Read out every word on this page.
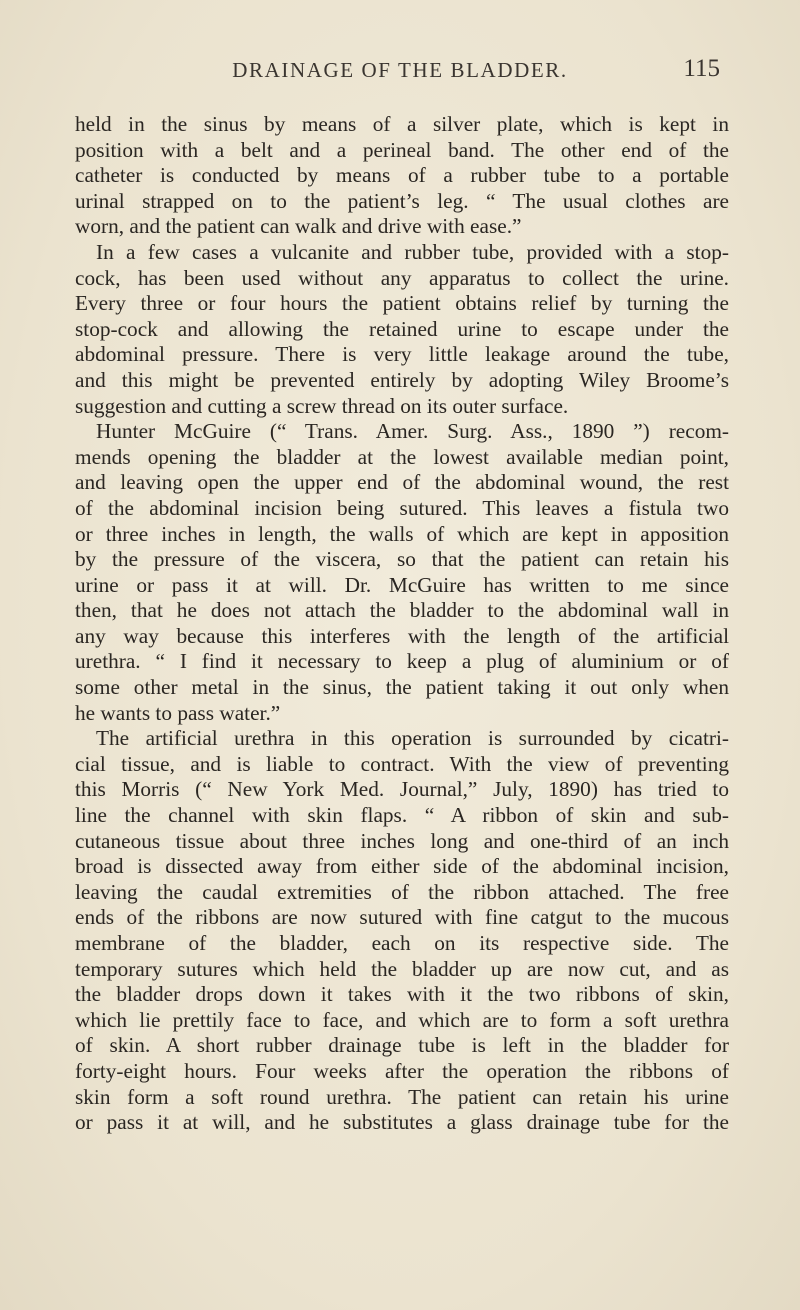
DRAINAGE OF THE BLADDER.	115
held in the sinus by means of a silver plate, which is kept in
position with a belt and a perineal band. The other end of the
catheter is conducted by means of a rubber tube to a portable
urinal strapped on to the patient’s leg. “ The usual clothes are
worn, and the patient can walk and drive with ease.”
In a few cases a vulcanite and rubber tube, provided with a stop-
cock, has been used without any apparatus to collect the urine.
Every three or four hours the patient obtains relief by turning the
stop-cock and allowing the retained urine to escape under the
abdominal pressure. There is very little leakage around the tube,
and this might be prevented entirely by adopting Wiley Broome’s
suggestion and cutting a screw thread on its outer surface.
Hunter McGuire (“ Trans. Amer. Surg. Ass., 1890 ”) recom-
mends opening the bladder at the lowest available median point,
and leaving open the upper end of the abdominal wound, the rest
of the abdominal incision being sutured. This leaves a fistula two
or three inches in length, the walls of which are kept in apposition
by the pressure of the viscera, so that the patient can retain his
urine or pass it at will. Dr. McGuire has written to me since
then, that he does not attach the bladder to the abdominal wall in
any way because this interferes with the length of the artificial
urethra. “ I find it necessary to keep a plug of aluminium or of
some other metal in the sinus, the patient taking it out only when
he wants to pass water.”
The artificial urethra in this operation is surrounded by cicatri-
cial tissue, and is liable to contract. With the view of preventing
this Morris (“ New York Med. Journal,” July, 1890) has tried to
line the channel with skin flaps. “ A ribbon of skin and sub-
cutaneous tissue about three inches long and one-third of an inch
broad is dissected away from either side of the abdominal incision,
leaving the caudal extremities of the ribbon attached. The free
ends of the ribbons are now sutured with fine catgut to the mucous
membrane of the bladder, each on its respective side. The
temporary sutures which held the bladder up are now cut, and as
the bladder drops down it takes with it the two ribbons of skin,
which lie prettily face to face, and which are to form a soft urethra
of skin. A short rubber drainage tube is left in the bladder for
forty-eight hours. Four weeks after the operation the ribbons of
skin form a soft round urethra. The patient can retain his urine
or pass it at will, and he substitutes a glass drainage tube for the
